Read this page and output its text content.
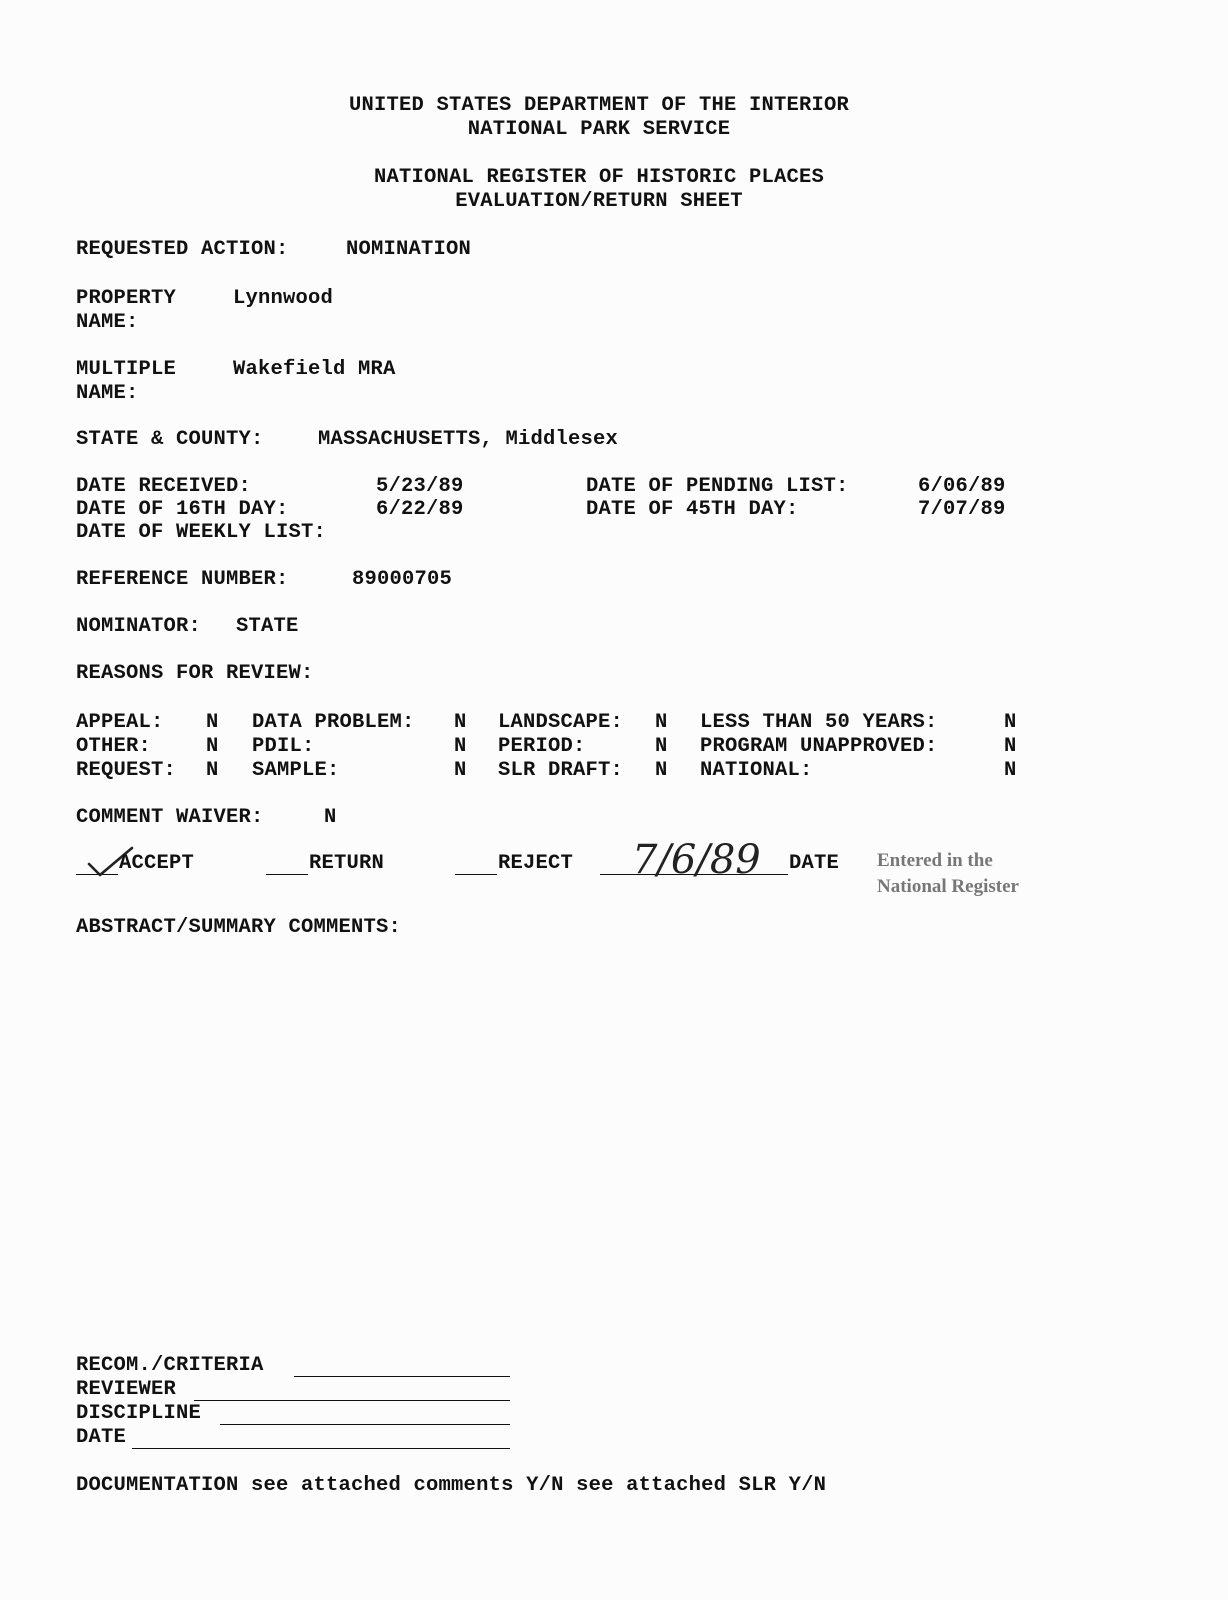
UNITED STATES DEPARTMENT OF THE INTERIOR
NATIONAL PARK SERVICE
NATIONAL REGISTER OF HISTORIC PLACES
EVALUATION/RETURN SHEET
REQUESTED ACTION:	NOMINATION
PROPERTY
NAME:
Lynnwood
MULTIPLE
NAME:
Wakefield MRA
STATE & COUNTY:	MASSACHUSETTS, Middlesex
DATE RECEIVED:	5/23/89	DATE OF PENDING LIST:	6/06/89
DATE OF 16TH DAY:	6/22/89	DATE OF 45TH DAY:	7/07/89
DATE OF WEEKLY LIST:
REFERENCE NUMBER:	89000705
NOMINATOR: STATE
REASONS FOR REVIEW:
APPEAL: N DATA PROBLEM: N LANDSCAPE: N LESS THAN 50 YEARS:	N
OTHER:	N PDIL:	N PERIOD:	N PROGRAM UNAPPROVED:	N
REQUEST: N SAMPLE:	N SLR DRAFT: N NATIONAL:	N
COMMENT WAIVER:	N
ACCEPT	RETURN	REJECT 7/6/89 DATE Entered in the
National Register
ABSTRACT/SUMMARY COMMENTS:
RECOM./CRITERIA
REVIEWER
DISCIPLINE
DATE
DOCUMENTATION see attached comments Y/N see attached SLR Y/N
